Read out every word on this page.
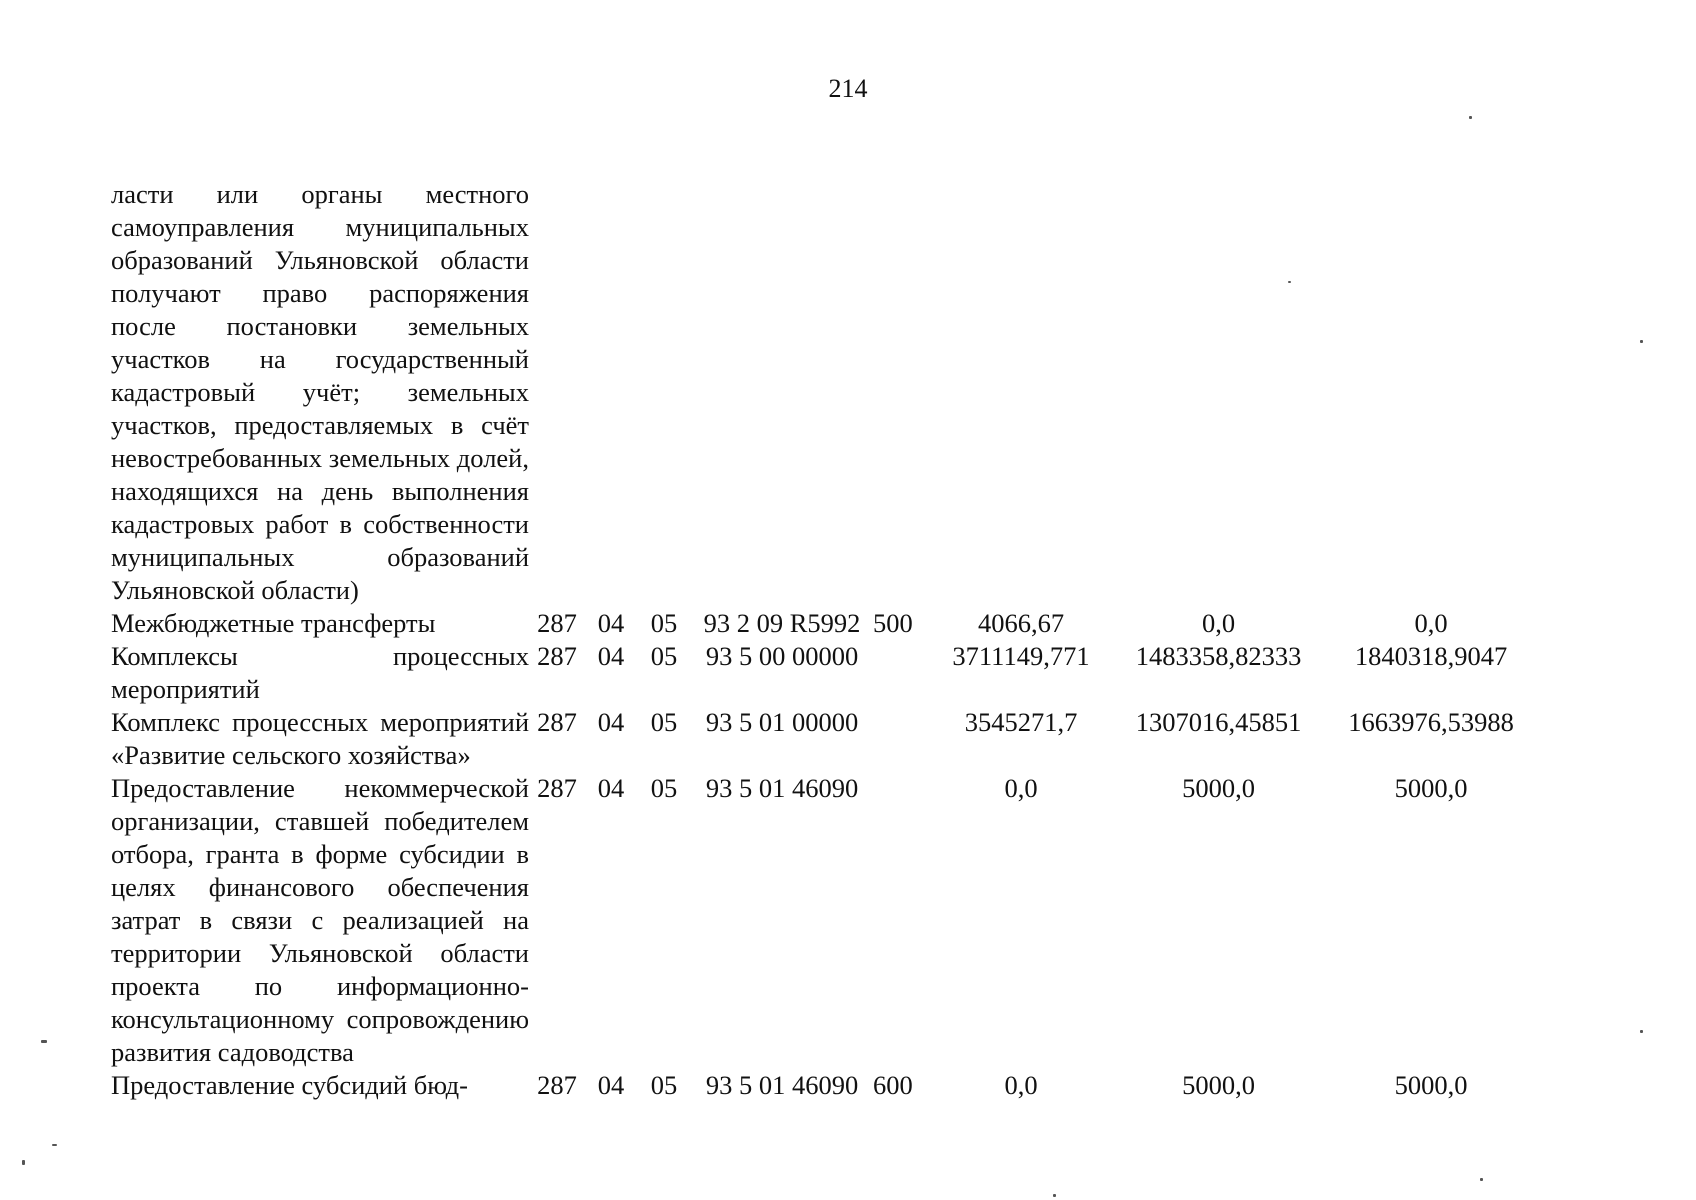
214
ласти или органы местного самоуправления муниципальных образований Ульяновской области получают право распоряжения после постановки земельных участков на государственный кадастровый учёт; земельных участков, предоставляемых в счёт невостребованных земельных долей, находящихся на день выполнения кадастровых работ в собственности муниципальных образований Ульяновской области)								
Межбюджетные трансферты	287	04	05	93 2 09 R5992	500	4066,67	0,0	0,0
Комплексы процессных мероприятий	287	04	05	93 5 00 00000		3711149,771	1483358,82333	1840318,9047
Комплекс процессных мероприятий «Развитие сельского хозяйства»	287	04	05	93 5 01 00000		3545271,7	1307016,45851	1663976,53988
Предоставление некоммерческой организации, ставшей победителем отбора, гранта в форме субсидии в целях финансового обеспечения затрат в связи с реализацией на территории Ульяновской области проекта по информационно-консультационному сопровождению развития садоводства	287	04	05	93 5 01 46090		0,0	5000,0	5000,0
Предоставление субсидий бюд-	287	04	05	93 5 01 46090	600	0,0	5000,0	5000,0
